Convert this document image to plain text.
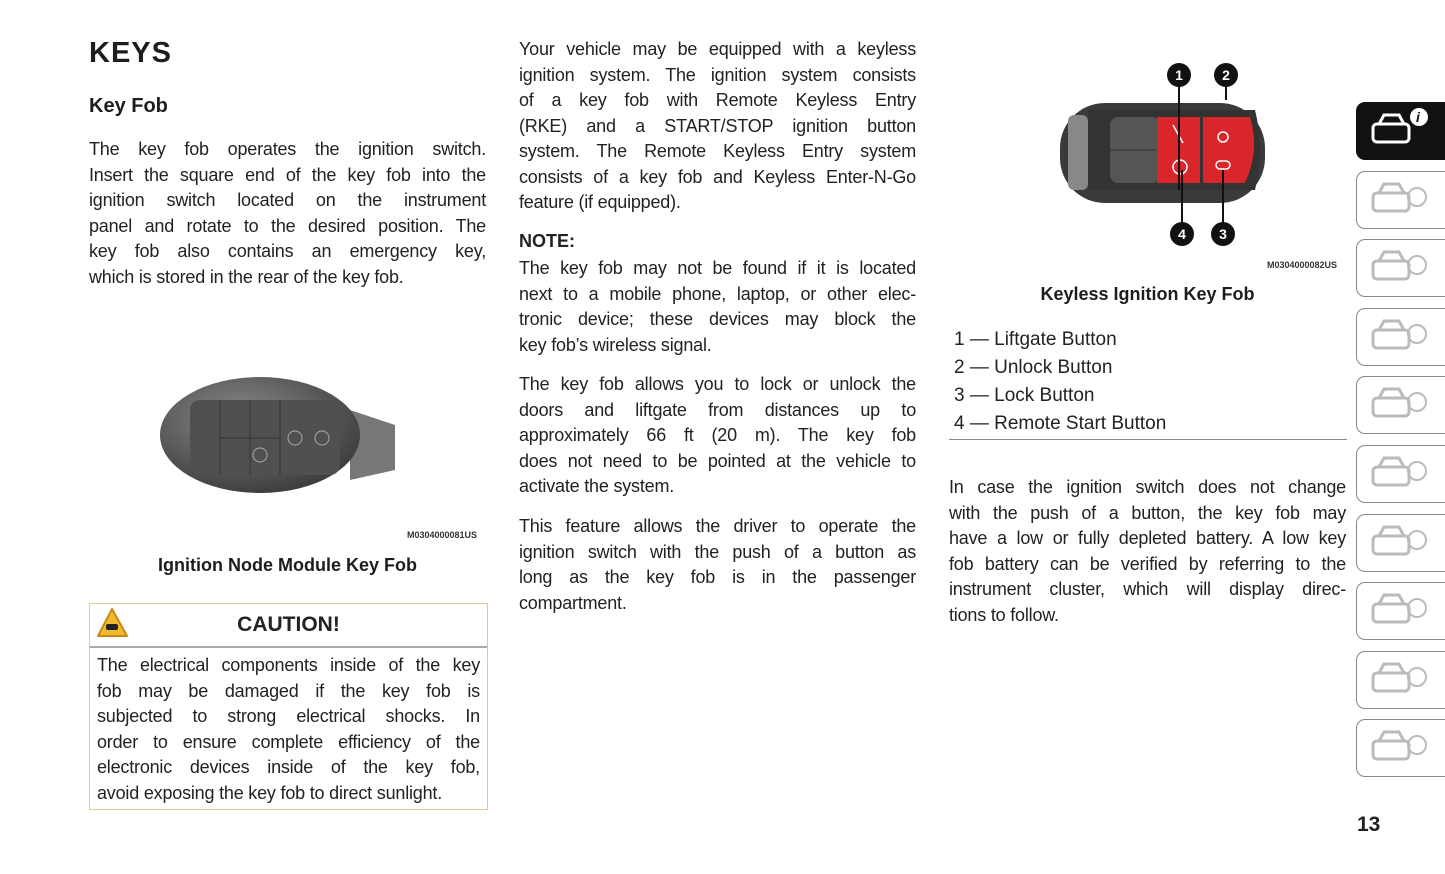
KEYS
Key Fob
The key fob operates the ignition switch.
Insert the square end of the key fob into the
ignition switch located on the instrument
panel and rotate to the desired position. The
key fob also contains an emergency key,
which is stored in the rear of the key fob.
M0304000081US
Ignition Node Module Key Fob
CAUTION!
The electrical components inside of the key
fob may be damaged if the key fob is
subjected to strong electrical shocks. In
order to ensure complete efficiency of the
electronic devices inside of the key fob,
avoid exposing the key fob to direct sunlight.
Your vehicle may be equipped with a keyless
ignition system. The ignition system consists
of a key fob with Remote Keyless Entry
(RKE) and a START/STOP ignition button
system. The Remote Keyless Entry system
consists of a key fob and Keyless Enter-N-Go
feature (if equipped).
NOTE:
The key fob may not be found if it is located
next to a mobile phone, laptop, or other elec-
tronic device; these devices may block the
key fob’s wireless signal.
The key fob allows you to lock or unlock the
doors and liftgate from distances up to
approximately 66 ft (20 m). The key fob
does not need to be pointed at the vehicle to
activate the system.
This feature allows the driver to operate the
ignition switch with the push of a button as
long as the key fob is in the passenger
compartment.
1	2
3
4
M0304000082US
Keyless Ignition Key Fob
1 — Liftgate Button
2 — Unlock Button
3 — Lock Button
4 — Remote Start Button
In case the ignition switch does not change
with the push of a button, the key fob may
have a low or fully depleted battery. A low key
fob battery can be verified by referring to the
instrument cluster, which will display direc-
tions to follow.
i
13
